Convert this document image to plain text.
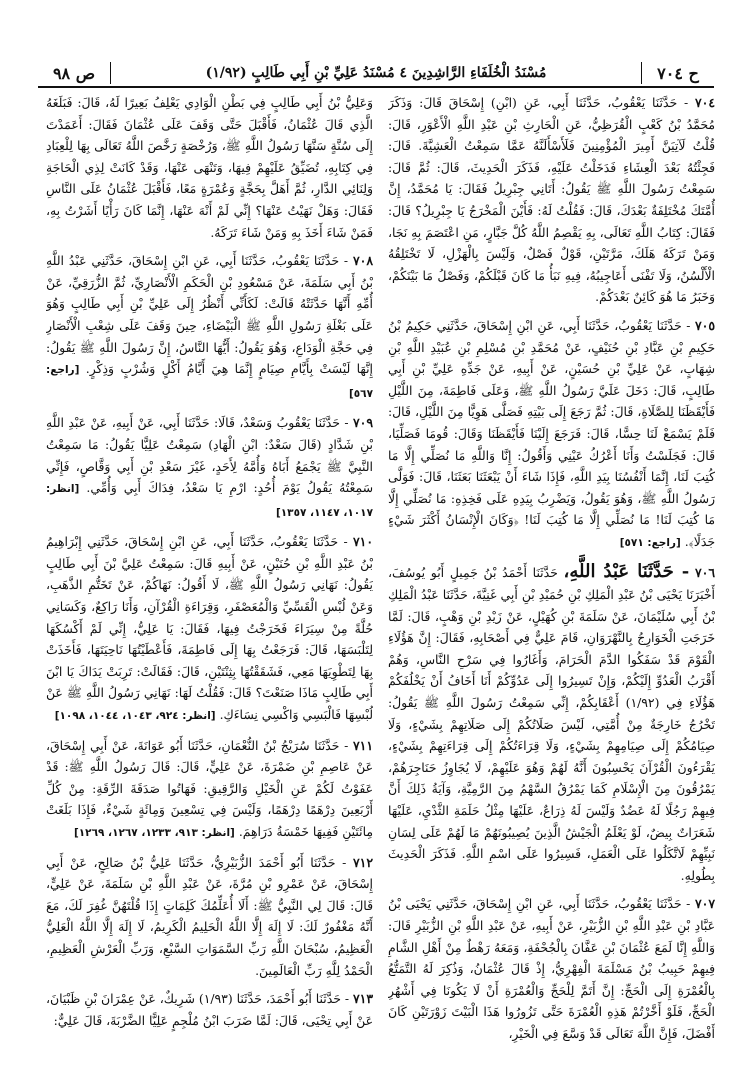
ح ٧٠٤
مُسْنَدُ الْخُلَفَاءِ الرَّاشِدِينَ ٤ مُسْنَدُ عَلِيِّ بْنِ أَبِي طَالِبٍ (١/٩٢)
ص ٩٨

٧٠٤ - حَدَّثَنَا يَعْقُوبُ، حَدَّثَنَا أَبِي، عَنِ (ابْنِ) إِسْحَاقَ قَالَ: وَذَكَرَ مُحَمَّدُ بْنُ كَعْبٍ الْقُرَظِيُّ، عَنِ الْحَارِثِ بْنِ عَبْدِ اللَّهِ الْأَعْوَرِ، قَالَ: قُلْتُ لَآتِيَنَّ أَمِيرَ الْمُؤْمِنِينَ فَلَأَسْأَلَنَّهُ عَمَّا سَمِعْتُ الْعَشِيَّةَ. قَالَ: فَجِئْتُهُ بَعْدَ الْعِشَاءِ فَدَخَلْتُ عَلَيْهِ، فَذَكَرَ الْحَدِيثَ، قَالَ: ثُمَّ قَالَ: سَمِعْتُ رَسُولَ اللَّهِ ﷺ يَقُولُ: أَتَانِي جِبْرِيلُ فَقَالَ: يَا مُحَمَّدُ، إِنَّ أُمَّتَكَ مُخْتَلِفَةٌ بَعْدَكَ، قَالَ: فَقُلْتُ لَهُ: فَأَيْنَ الْمَخْرَجُ يَا جِبْرِيلُ؟ قَالَ: فَقَالَ: كِتَابُ اللَّهِ تَعَالَى، بِهِ يَقْصِمُ اللَّهُ كُلَّ جَبَّارٍ، مَنِ اعْتَصَمَ بِهِ نَجَا، وَمَنْ تَرَكَهُ هَلَكَ، مَرَّتَيْنِ، قَوْلٌ فَصْلٌ، وَلَيْسَ بِالْهَزْلِ، لَا تَخْتَلِقُهُ الْأَلْسُنُ، وَلَا تَفْنَى أَعَاجِيبُهُ، فِيهِ نَبَأُ مَا كَانَ قَبْلَكُمْ، وَفَصْلُ مَا بَيْنَكُمْ، وَخَبَرُ مَا هُوَ كَائِنٌ بَعْدَكُمْ.

٧٠٥ - حَدَّثَنَا يَعْقُوبُ، حَدَّثَنَا أَبِي، عَنِ ابْنِ إِسْحَاقَ، حَدَّثَنِي حَكِيمُ بْنُ حَكِيمِ بْنِ عَبَّادِ بْنِ حُنَيْفٍ، عَنْ مُحَمَّدِ بْنِ مُسْلِمِ بْنِ عُبَيْدِ اللَّهِ بْنِ شِهَابٍ، عَنْ عَلِيِّ بْنِ حُسَيْنٍ، عَنْ أَبِيهِ، عَنْ جَدِّهِ عَلِيِّ بْنِ أَبِي طَالِبٍ، قَالَ: دَخَلَ عَلَيَّ رَسُولُ اللَّهِ ﷺ، وَعَلَى فَاطِمَةَ، مِنَ اللَّيْلِ فَأَيْقَظَنَا لِلصَّلَاةِ، قَالَ: ثُمَّ رَجَعَ إِلَى بَيْتِهِ فَصَلَّى هَوِيًّا مِنَ اللَّيْلِ، قَالَ: فَلَمْ يَسْمَعْ لَنَا حِسًّا، قَالَ: فَرَجَعَ إِلَيْنَا فَأَيْقَظَنَا وَقَالَ: قُومَا فَصَلِّيَا، قَالَ: فَجَلَسْتُ وَأَنَا أَعْرُكُ عَيْنِي وَأَقُولُ: إِنَّا وَاللَّهِ مَا نُصَلِّي إِلَّا مَا كُتِبَ لَنَا، إِنَّمَا أَنْفُسُنَا بِيَدِ اللَّهِ، فَإِذَا شَاءَ أَنْ يَبْعَثَنَا بَعَثَنَا، قَالَ: فَوَلَّى رَسُولُ اللَّهِ ﷺ، وَهُوَ يَقُولُ، وَيَضْرِبُ بِيَدِهِ عَلَى فَخِذِهِ: مَا نُصَلِّي إِلَّا مَا كُتِبَ لَنَا! مَا نُصَلِّي إِلَّا مَا كُتِبَ لَنَا! ﴿وَكَانَ الْإِنْسَانُ أَكْثَرَ شَيْءٍ جَدَلًا﴾. [راجع: ٥٧١]

٧٠٦ - حَدَّثَنَا عَبْدُ اللَّهِ، حَدَّثَنَا أَحْمَدُ بْنُ جَمِيلٍ أَبُو يُوسُفَ، أَخْبَرَنَا يَحْيَى بْنُ عَبْدِ الْمَلِكِ بْنِ حُمَيْدِ بْنِ أَبِي غَنِيَّةَ، حَدَّثَنَا عَبْدُ الْمَلِكِ بْنُ أَبِي سُلَيْمَانَ، عَنْ سَلَمَةَ بْنِ كُهَيْلٍ، عَنْ زَيْدِ بْنِ وَهْبٍ، قَالَ: لَمَّا خَرَجَتِ الْخَوَارِجُ بِالنَّهْرَوَانِ، قَامَ عَلِيٌّ فِي أَصْحَابِهِ، فَقَالَ: إِنَّ هَؤُلَاءِ الْقَوْمَ قَدْ سَفَكُوا الدَّمَ الْحَرَامَ، وَأَغَارُوا فِي سَرْحِ النَّاسِ، وَهُمْ أَقْرَبُ الْعَدُوِّ إِلَيْكُمْ، وَإِنْ تَسِيرُوا إِلَى عَدُوِّكُمْ أَنَا أَخَافُ أَنْ يَخْلُفَكُمْ هَؤُلَاءِ فِي (١/٩٢) أَعْقَابِكُمْ، إِنِّي سَمِعْتُ رَسُولَ اللَّهِ ﷺ يَقُولُ: تَخْرُجُ خَارِجَةٌ مِنْ أُمَّتِي، لَيْسَ صَلَاتُكُمْ إِلَى صَلَاتِهِمْ بِشَيْءٍ، وَلَا صِيَامُكُمْ إِلَى صِيَامِهِمْ بِشَيْءٍ، وَلَا قِرَاءَتُكُمْ إِلَى قِرَاءَتِهِمْ بِشَيْءٍ، يَقْرَءُونَ الْقُرْآنَ يَحْسِبُونَ أَنَّهُ لَهُمْ وَهُوَ عَلَيْهِمْ، لَا يُجَاوِزُ حَنَاجِرَهُمْ، يَمْرُقُونَ مِنَ الْإِسْلَامِ كَمَا يَمْرُقُ السَّهْمُ مِنَ الرَّمِيَّةِ، وَآيَةُ ذَلِكَ أَنَّ فِيهِمْ رَجُلًا لَهُ عَضُدٌ وَلَيْسَ لَهُ ذِرَاعٌ، عَلَيْهَا مِثْلُ حَلَمَةِ الثَّدْيِ، عَلَيْهَا شَعَرَاتٌ بِيضٌ، لَوْ يَعْلَمُ الْجَيْشُ الَّذِينَ يُصِيبُونَهُمْ مَا لَهُمْ عَلَى لِسَانِ نَبِيِّهِمْ لَاتَّكَلُوا عَلَى الْعَمَلِ، فَسِيرُوا عَلَى اسْمِ اللَّهِ. فَذَكَرَ الْحَدِيثَ بِطُولِهِ.

٧٠٧ - حَدَّثَنَا يَعْقُوبُ، حَدَّثَنَا أَبِي، عَنِ ابْنِ إِسْحَاقَ، حَدَّثَنِي يَحْيَى بْنُ عَبَّادِ بْنِ عَبْدِ اللَّهِ بْنِ الزُّبَيْرِ، عَنْ أَبِيهِ، عَنْ عَبْدِ اللَّهِ بْنِ الزُّبَيْرِ قَالَ: وَاللَّهِ إِنَّا لَمَعَ عُثْمَانَ بْنِ عَفَّانَ بِالْجُحْفَةِ، وَمَعَهُ رَهْطٌ مِنْ أَهْلِ الشَّامِ فِيهِمْ حَبِيبُ بْنُ مَسْلَمَةَ الْفِهْرِيُّ، إِذْ قَالَ عُثْمَانُ، وَذُكِرَ لَهُ التَّمَتُّعُ بِالْعُمْرَةِ إِلَى الْحَجِّ: إِنَّ أَتَمَّ لِلْحَجِّ وَالْعُمْرَةِ أَنْ لَا يَكُونَا فِي أَشْهُرِ الْحَجِّ، فَلَوْ أَخَّرْتُمْ هَذِهِ الْعُمْرَةَ حَتَّى تَزُورُوا هَذَا الْبَيْتَ زَوْرَتَيْنِ كَانَ أَفْضَلَ، فَإِنَّ اللَّهَ تَعَالَى قَدْ وَسَّعَ فِي الْخَيْرِ،

وَعَلِيُّ بْنُ أَبِي طَالِبٍ فِي بَطْنِ الْوَادِي يَعْلِفُ بَعِيرًا لَهُ، قَالَ: فَبَلَغَهُ الَّذِي قَالَ عُثْمَانُ، فَأَقْبَلَ حَتَّى وَقَفَ عَلَى عُثْمَانَ فَقَالَ: أَعَمَدْتَ إِلَى سُنَّةٍ سَنَّهَا رَسُولُ اللَّهِ ﷺ، وَرُخْصَةٍ رَخَّصَ اللَّهُ تَعَالَى بِهَا لِلْعِبَادِ فِي كِتَابِهِ، تُضَيِّقُ عَلَيْهِمْ فِيهَا، وَتَنْهَى عَنْهَا، وَقَدْ كَانَتْ لِذِي الْحَاجَةِ وَلِنَائِي الدَّارِ، ثُمَّ أَهَلَّ بِحَجَّةٍ وَعُمْرَةٍ مَعًا، فَأَقْبَلَ عُثْمَانُ عَلَى النَّاسِ فَقَالَ: وَهَلْ نَهَيْتُ عَنْهَا؟ إِنِّي لَمْ أَنْهَ عَنْهَا، إِنَّمَا كَانَ رَأْيًا أَشَرْتُ بِهِ، فَمَنْ شَاءَ أَخَذَ بِهِ وَمَنْ شَاءَ تَرَكَهُ.

٧٠٨ - حَدَّثَنَا يَعْقُوبُ، حَدَّثَنَا أَبِي، عَنِ ابْنِ إِسْحَاقَ، حَدَّثَنِي عَبْدُ اللَّهِ بْنُ أَبِي سَلَمَةَ، عَنْ مَسْعُودِ بْنِ الْحَكَمِ الْأَنْصَارِيِّ، ثُمَّ الزُّرَقِيِّ، عَنْ أُمِّهِ أَنَّهَا حَدَّثَتْهُ قَالَتْ: لَكَأَنِّي أَنْظُرُ إِلَى عَلِيِّ بْنِ أَبِي طَالِبٍ وَهُوَ عَلَى بَغْلَةِ رَسُولِ اللَّهِ ﷺ الْبَيْضَاءِ، حِينَ وَقَفَ عَلَى شِعْبِ الْأَنْصَارِ فِي حَجَّةِ الْوَدَاعِ، وَهُوَ يَقُولُ: أَيُّهَا النَّاسُ، إِنَّ رَسُولَ اللَّهِ ﷺ يَقُولُ: إِنَّهَا لَيْسَتْ بِأَيَّامِ صِيَامٍ إِنَّمَا هِيَ أَيَّامُ أَكْلٍ وَشُرْبٍ وَذِكْرٍ. [راجع: ٥٦٧]

٧٠٩ - حَدَّثَنَا يَعْقُوبُ وَسَعْدٌ، قَالَا: حَدَّثَنَا أَبِي، عَنْ أَبِيهِ، عَنْ عَبْدِ اللَّهِ بْنِ شَدَّادٍ (قَالَ سَعْدٌ: ابْنِ الْهَادِ) سَمِعْتُ عَلِيًّا يَقُولُ: مَا سَمِعْتُ النَّبِيَّ ﷺ يَجْمَعُ أَبَاهُ وَأُمَّهُ لِأَحَدٍ، غَيْرَ سَعْدِ بْنِ أَبِي وَقَّاصٍ، فَإِنِّي سَمِعْتُهُ يَقُولُ يَوْمَ أُحُدٍ: ارْمِ يَا سَعْدُ، فِدَاكَ أَبِي وَأُمِّي. [انظر: ١٠١٧، ١١٤٧، ١٣٥٧]

٧١٠ - حَدَّثَنَا يَعْقُوبُ، حَدَّثَنَا أَبِي، عَنِ ابْنِ إِسْحَاقَ، حَدَّثَنِي إِبْرَاهِيمُ بْنُ عَبْدِ اللَّهِ بْنِ حُنَيْنٍ، عَنْ أَبِيهِ قَالَ: سَمِعْتُ عَلِيَّ بْنَ أَبِي طَالِبٍ يَقُولُ: نَهَانِي رَسُولُ اللَّهِ ﷺ، لَا أَقُولُ: نَهَاكُمْ، عَنْ تَخَتُّمِ الذَّهَبِ، وَعَنْ لُبْسِ الْقَسِّيِّ وَالْمُعَصْفَرِ، وَقِرَاءَةِ الْقُرْآنِ، وَأَنَا رَاكِعٌ، وَكَسَانِي حُلَّةً مِنْ سِيَرَاءَ فَخَرَجْتُ فِيهَا، فَقَالَ: يَا عَلِيُّ، إِنِّي لَمْ أَكْسُكَهَا لِتَلْبَسَهَا، قَالَ: فَرَجَعْتُ بِهَا إِلَى فَاطِمَةَ، فَأَعْطَيْتُهَا نَاحِيَتَهَا، فَأَخَذَتْ بِهَا لِتَطْوِيَهَا مَعِي، فَشَقَقْتُهَا بِثِنْتَيْنِ، قَالَ: فَقَالَتْ: تَرِبَتْ يَدَاكَ يَا ابْنَ أَبِي طَالِبٍ مَاذَا صَنَعْتَ؟ قَالَ: فَقُلْتُ لَهَا: نَهَانِي رَسُولُ اللَّهِ ﷺ عَنْ لُبْسِهَا فَالْبَسِي وَاكْسِي نِسَاءَكِ. [انظر: ٩٢٤، ١٠٤٣، ١٠٤٤، ١٠٩٨]

٧١١ - حَدَّثَنَا سُرَيْجُ بْنُ النُّعْمَانِ، حَدَّثَنَا أَبُو عَوَانَةَ، عَنْ أَبِي إِسْحَاقَ، عَنْ عَاصِمِ بْنِ ضَمْرَةَ، عَنْ عَلِيٍّ، قَالَ: قَالَ رَسُولُ اللَّهِ ﷺ: قَدْ عَفَوْتُ لَكُمْ عَنِ الْخَيْلِ وَالرَّقِيقِ: فَهَاتُوا صَدَقَةَ الرِّقَةِ: مِنْ كُلِّ أَرْبَعِينَ دِرْهَمًا دِرْهَمًا، وَلَيْسَ فِي تِسْعِينَ وَمِائَةٍ شَيْءٌ، فَإِذَا بَلَغَتْ مِائَتَيْنِ فَفِيهَا خَمْسَةُ دَرَاهِمَ. [انظر: ٩١٣، ١٢٣٣، ١٢٦٧، ١٢٦٩]

٧١٢ - حَدَّثَنَا أَبُو أَحْمَدَ الزُّبَيْرِيُّ، حَدَّثَنَا عَلِيُّ بْنُ صَالِحٍ، عَنْ أَبِي إِسْحَاقَ، عَنْ عَمْرِو بْنِ مُرَّةَ، عَنْ عَبْدِ اللَّهِ بْنِ سَلَمَةَ، عَنْ عَلِيٍّ، قَالَ: قَالَ لِي النَّبِيُّ ﷺ: أَلَا أُعَلِّمُكَ كَلِمَاتٍ إِذَا قُلْتَهُنَّ غُفِرَ لَكَ، مَعَ أَنَّهُ مَغْفُورٌ لَكَ: لَا إِلَهَ إِلَّا اللَّهُ الْحَلِيمُ الْكَرِيمُ، لَا إِلَهَ إِلَّا اللَّهُ الْعَلِيُّ الْعَظِيمُ، سُبْحَانَ اللَّهِ رَبِّ السَّمَوَاتِ السَّبْعِ، وَرَبِّ الْعَرْشِ الْعَظِيمِ، الْحَمْدُ لِلَّهِ رَبِّ الْعَالَمِينَ.

٧١٣ - حَدَّثَنَا أَبُو أَحْمَدَ، حَدَّثَنَا (١/٩٣) شَرِيكٌ، عَنْ عِمْرَانَ بْنِ ظَبْيَانَ، عَنْ أَبِي تِحْيَى، قَالَ: لَمَّا ضَرَبَ ابْنُ مُلْجِمٍ عَلِيًّا الضَّرْبَةَ، قَالَ عَلِيٌّ:
